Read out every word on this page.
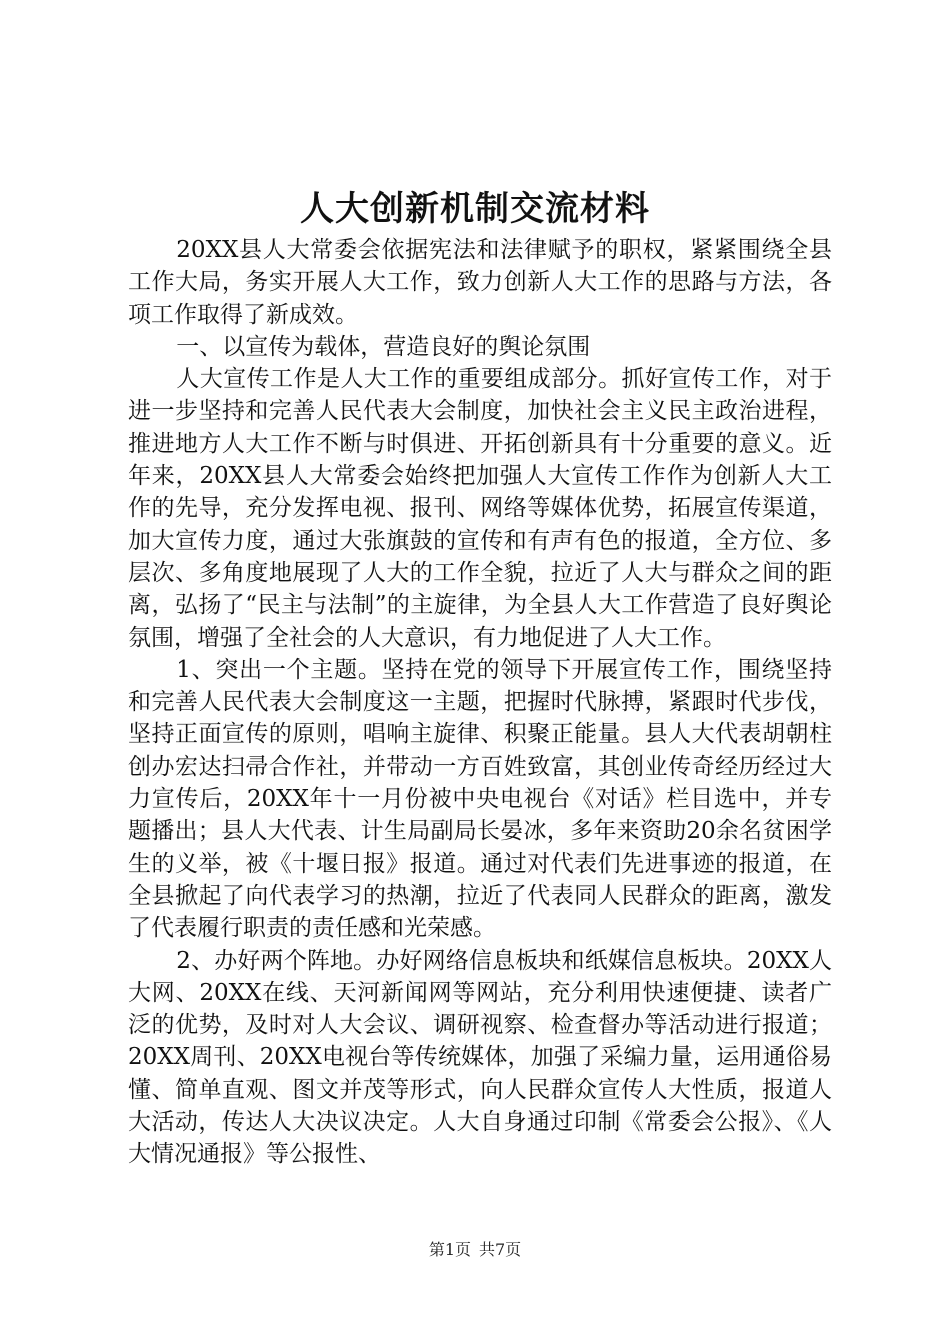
人大创新机制交流材料

20XX县人大常委会依据宪法和法律赋予的职权，紧紧围绕全县工作大局，务实开展人大工作，致力创新人大工作的思路与方法，各项工作取得了新成效。

一、以宣传为载体，营造良好的舆论氛围

人大宣传工作是人大工作的重要组成部分。抓好宣传工作，对于进一步坚持和完善人民代表大会制度，加快社会主义民主政治进程，推进地方人大工作不断与时俱进、开拓创新具有十分重要的意义。近年来，20XX县人大常委会始终把加强人大宣传工作作为创新人大工作的先导，充分发挥电视、报刊、网络等媒体优势，拓展宣传渠道，加大宣传力度，通过大张旗鼓的宣传和有声有色的报道，全方位、多层次、多角度地展现了人大的工作全貌，拉近了人大与群众之间的距离，弘扬了“民主与法制”的主旋律，为全县人大工作营造了良好舆论氛围，增强了全社会的人大意识，有力地促进了人大工作。

1、突出一个主题。坚持在党的领导下开展宣传工作，围绕坚持和完善人民代表大会制度这一主题，把握时代脉搏，紧跟时代步伐，坚持正面宣传的原则，唱响主旋律、积聚正能量。县人大代表胡朝柱创办宏达扫帚合作社，并带动一方百姓致富，其创业传奇经历经过大力宣传后，20XX年十一月份被中央电视台《对话》栏目选中，并专题播出；县人大代表、计生局副局长晏冰，多年来资助20余名贫困学生的义举，被《十堰日报》报道。通过对代表们先进事迹的报道，在全县掀起了向代表学习的热潮，拉近了代表同人民群众的距离，激发了代表履行职责的责任感和光荣感。

2、办好两个阵地。办好网络信息板块和纸媒信息板块。20XX人大网、20XX在线、天河新闻网等网站，充分利用快速便捷、读者广泛的优势，及时对人大会议、调研视察、检查督办等活动进行报道；20XX周刊、20XX电视台等传统媒体，加强了采编力量，运用通俗易懂、简单直观、图文并茂等形式，向人民群众宣传人大性质，报道人大活动，传达人大决议决定。人大自身通过印制《常委会公报》、《人大情况通报》等公报性、

第1页 共7页
